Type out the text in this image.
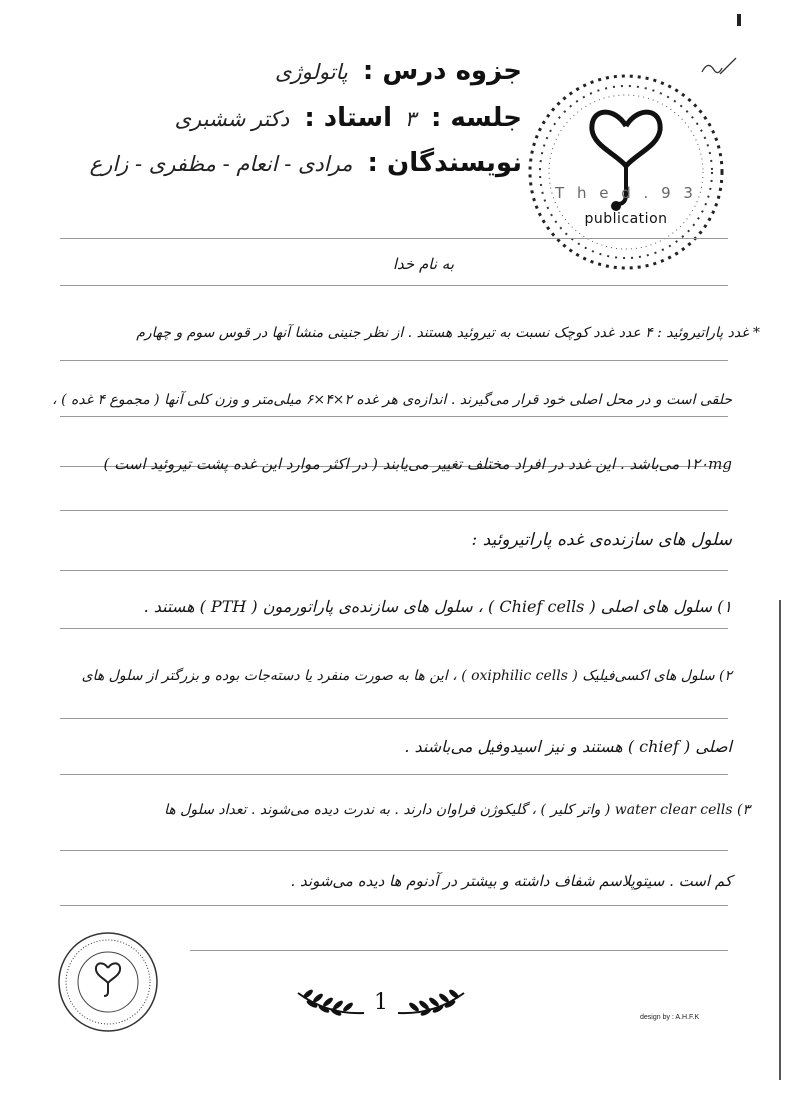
جزوه درس : پاتولوژی
جلسه : ۳
استاد : دکتر ششبری
نویسندگان : مرادی - انعام - مظفری - زارع
T h e d . 9 3
publication
به نام خدا
* غدد پاراتیروئید : ۴ عدد غدد کوچک نسبت به تیروئید هستند . از نظر جنینی منشا آنها در قوس سوم و چهارم
حلقی است و در محل اصلی خود قرار می‌گیرند . اندازه‌ی هر غده ۲×۴×۶ میلی‌متر و وزن کلی آنها ( مجموع ۴ غده ) ،
۱۲۰mg می‌باشد . این غدد در افراد مختلف تغییر می‌یابند ( در اکثر موارد این غده پشت تیروئید است )
سلول های سازنده‌ی غده پاراتیروئید :
۱) سلول های اصلی ( Chief cells ) ، سلول های سازنده‌ی پاراتورمون ( PTH ) هستند .
۲) سلول های اکسی‌فیلیک ( oxiphilic cells ) ، این ها به صورت منفرد یا دسته‌جات بوده و بزرگتر از سلول های
اصلی ( chief ) هستند و نیز اسیدوفیل می‌باشند .
۳) water clear cells ( واتر کلیر ) ، گلیکوژن فراوان دارند . به ندرت دیده می‌شوند . تعداد سلول ها
کم است . سیتوپلاسم شفاف داشته و بیشتر در آدنوم ها دیده می‌شوند .
1
design by : A.H.F.K
